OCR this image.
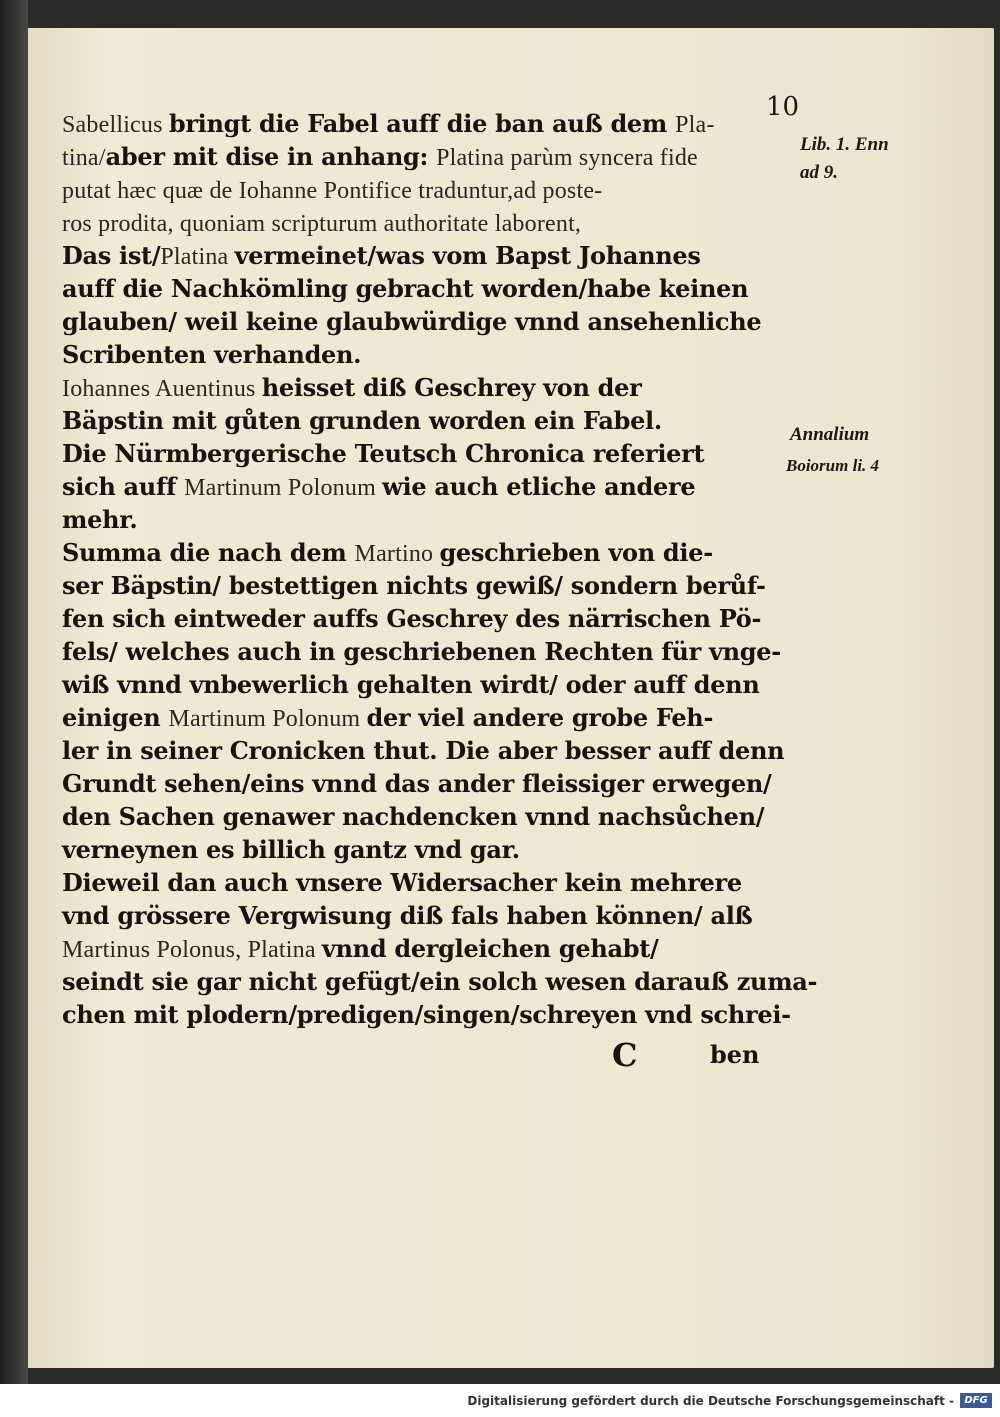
10
Sabellicus bringt die Fabel auff die ban auß dem Pla-
tina/aber mit dise in anhang: Platina parùm syncera fide
putat hæc quæ de Iohanne Pontifice traduntur,ad poste-
ros prodita, quoniam scripturum authoritate laborent,
Das ist/Platina vermeinet/was vom Bapst Johannes
auff die Nachkömling gebracht worden/habe keinen
glauben/ weil keine glaubwürdige vnnd ansehenliche
Scribenten verhanden.
Iohannes Auentinus heisset diß Geschrey von der
Bäpstin mit gůten grunden worden ein Fabel.
Die Nürmbergerische Teutsch Chronica referiert
sich auff Martinum Polonum wie auch etliche andere
mehr.
Summa die nach dem Martino geschrieben von die-
ser Bäpstin/ bestettigen nichts gewiß/ sondern berůf-
fen sich eintweder auffs Geschrey des närrischen Pö-
fels/ welches auch in geschriebenen Rechten für vnge-
wiß vnnd vnbewerlich gehalten wirdt/ oder auff denn
einigen Martinum Polonum der viel andere grobe Feh-
ler in seiner Cronicken thut. Die aber besser auff denn
Grundt sehen/eins vnnd das ander fleissiger erwegen/
den Sachen genawer nachdencken vnnd nachsůchen/
verneynen es billich gantz vnd gar.
Dieweil dan auch vnsere Widersacher kein mehrere
vnd grössere Vergwisung diß fals haben können/ alß
Martinus Polonus, Platina vnnd dergleichen gehabt/
seindt sie gar nicht gefügt/ein solch wesen darauß zuma-
chen mit plodern/predigen/singen/schreyen vnd schrei-
Lib. 1. Enn
ad 9.
Annalium
Boiorum li. 4
C	ben
Digitalisierung gefördert durch die Deutsche Forschungsgemeinschaft -	DFG
